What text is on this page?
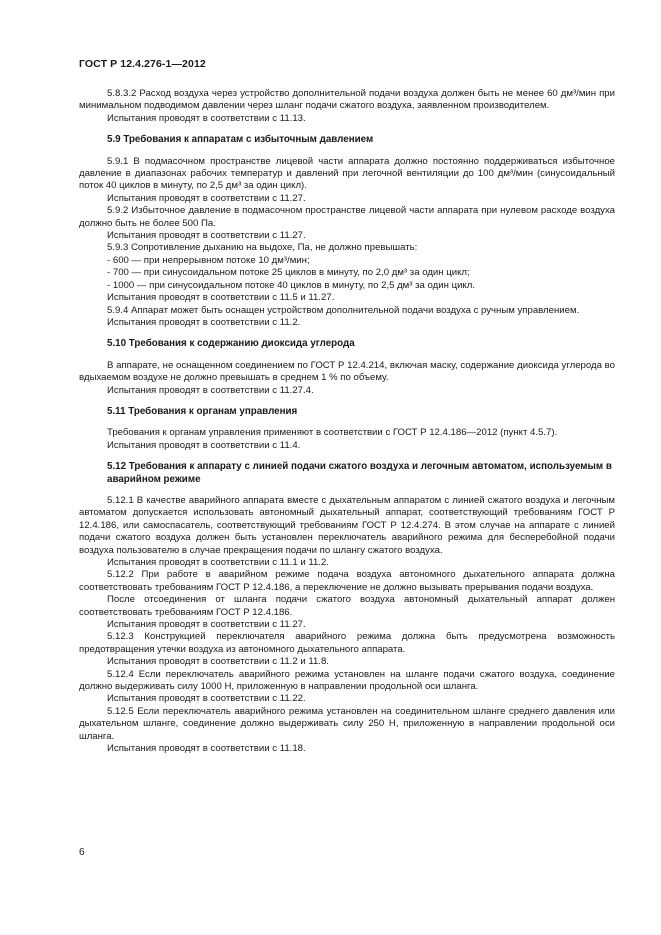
ГОСТ Р 12.4.276-1—2012

5.8.3.2 Расход воздуха через устройство дополнительной подачи воздуха должен быть не менее 60 дм³/мин при минимальном подводимом давлении через шланг подачи сжатого воздуха, заявленном производителем.

Испытания проводят в соответствии с 11.13.

5.9 Требования к аппаратам с избыточным давлением

5.9.1 В подмасочном пространстве лицевой части аппарата должно постоянно поддерживаться избыточное давление в диапазонах рабочих температур и давлений при легочной вентиляции до 100 дм³/мин (синусоидальный поток 40 циклов в минуту, по 2,5 дм³ за один цикл).

Испытания проводят в соответствии с 11.27.

5.9.2 Избыточное давление в подмасочном пространстве лицевой части аппарата при нулевом расходе воздуха должно быть не более 500 Па.

Испытания проводят в соответствии с 11.27.

5.9.3 Сопротивление дыханию на выдохе, Па, не должно превышать:

- 600 — при непрерывном потоке 10 дм³/мин;

- 700 — при синусоидальном потоке 25 циклов в минуту, по 2,0 дм³ за один цикл;

- 1000 — при синусоидальном потоке 40 циклов в минуту, по 2,5 дм³ за один цикл.

Испытания проводят в соответствии с 11.5 и 11.27.

5.9.4 Аппарат может быть оснащен устройством дополнительной подачи воздуха с ручным управлением.

Испытания проводят в соответствии с 11.2.

5.10 Требования к содержанию диоксида углерода

В аппарате, не оснащенном соединением по ГОСТ Р 12.4.214, включая маску, содержание диоксида углерода во вдыхаемом воздухе не должно превышать в среднем 1 % по объему.

Испытания проводят в соответствии с 11.27.4.

5.11 Требования к органам управления

Требования к органам управления применяют в соответствии с ГОСТ Р 12.4.186—2012 (пункт 4.5.7).

Испытания проводят в соответствии с 11.4.

5.12 Требования к аппарату с линией подачи сжатого воздуха и легочным автоматом, используемым в аварийном режиме

5.12.1 В качестве аварийного аппарата вместе с дыхательным аппаратом с линией сжатого воздуха и легочным автоматом допускается использовать автономный дыхательный аппарат, соответствующий требованиям ГОСТ Р 12.4.186, или самоспасатель, соответствующий требованиям ГОСТ Р 12.4.274. В этом случае на аппарате с линией подачи сжатого воздуха должен быть установлен переключатель аварийного режима для бесперебойной подачи воздуха пользователю в случае прекращения подачи по шлангу сжатого воздуха.

Испытания проводят в соответствии с 11.1 и 11.2.

5.12.2 При работе в аварийном режиме подача воздуха автономного дыхательного аппарата должна соответствовать требованиям ГОСТ Р 12.4.186, а переключение не должно вызывать прерывания подачи воздуха.

После отсоединения от шланга подачи сжатого воздуха автономный дыхательный аппарат должен соответствовать требованиям ГОСТ Р 12.4.186.

Испытания проводят в соответствии с 11.27.

5.12.3 Конструкцией переключателя аварийного режима должна быть предусмотрена возможность предотвращения утечки воздуха из автономного дыхательного аппарата.

Испытания проводят в соответствии с 11.2 и 11.8.

5.12.4 Если переключатель аварийного режима установлен на шланге подачи сжатого воздуха, соединение должно выдерживать силу 1000 Н, приложенную в направлении продольной оси шланга.

Испытания проводят в соответствии с 11.22.

5.12.5 Если переключатель аварийного режима установлен на соединительном шланге среднего давления или дыхательном шланге, соединение должно выдерживать силу 250 Н, приложенную в направлении продольной оси шланга.

Испытания проводят в соответствии с 11.18.

6
